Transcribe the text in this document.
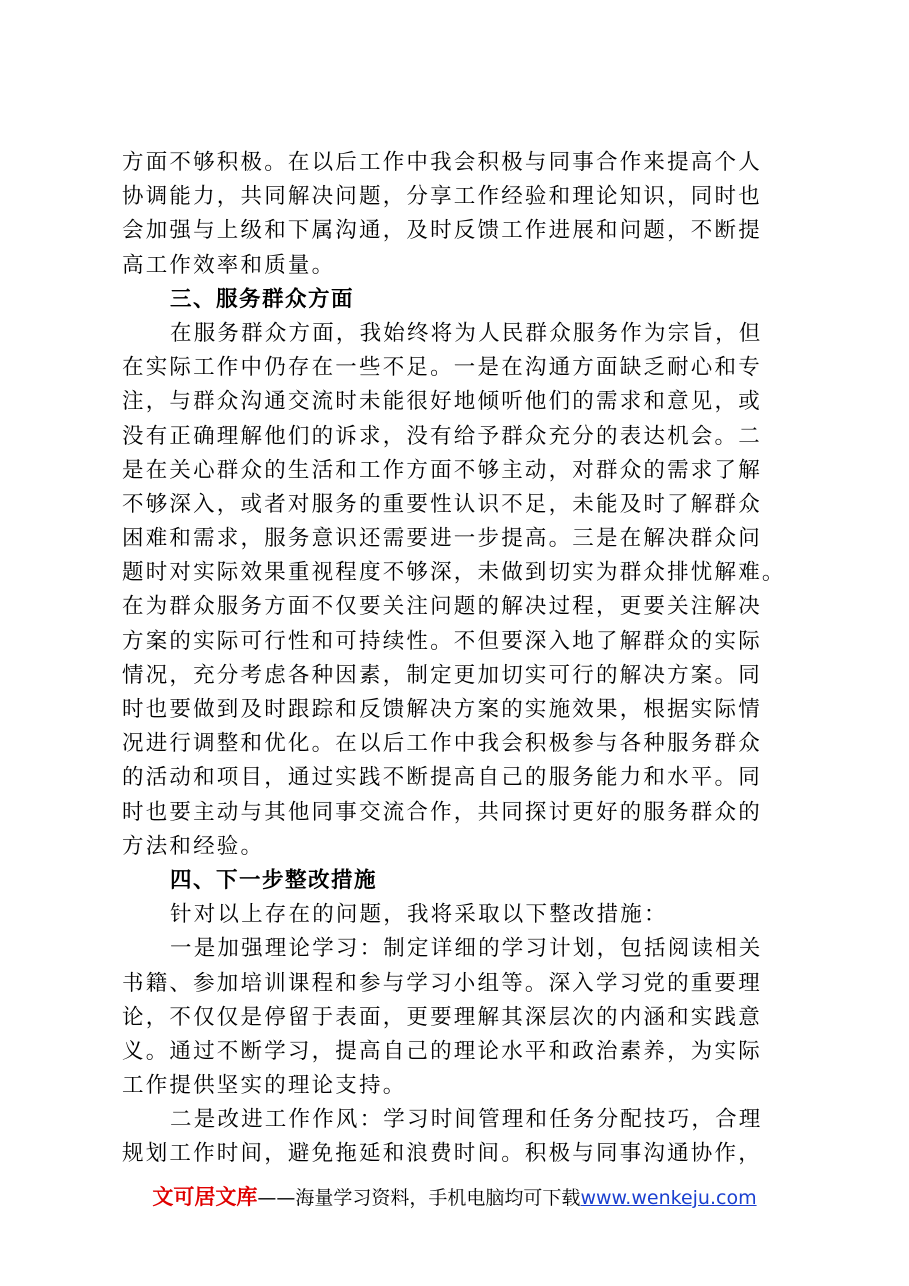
方面不够积极。在以后工作中我会积极与同事合作来提高个人
协调能力，共同解决问题，分享工作经验和理论知识，同时也
会加强与上级和下属沟通，及时反馈工作进展和问题，不断提
高工作效率和质量。
三、服务群众方面
在服务群众方面，我始终将为人民群众服务作为宗旨，但
在实际工作中仍存在一些不足。一是在沟通方面缺乏耐心和专
注，与群众沟通交流时未能很好地倾听他们的需求和意见，或
没有正确理解他们的诉求，没有给予群众充分的表达机会。二
是在关心群众的生活和工作方面不够主动，对群众的需求了解
不够深入，或者对服务的重要性认识不足，未能及时了解群众
困难和需求，服务意识还需要进一步提高。三是在解决群众问
题时对实际效果重视程度不够深，未做到切实为群众排忧解难。
在为群众服务方面不仅要关注问题的解决过程，更要关注解决
方案的实际可行性和可持续性。不但要深入地了解群众的实际
情况，充分考虑各种因素，制定更加切实可行的解决方案。同
时也要做到及时跟踪和反馈解决方案的实施效果，根据实际情
况进行调整和优化。在以后工作中我会积极参与各种服务群众
的活动和项目，通过实践不断提高自己的服务能力和水平。同
时也要主动与其他同事交流合作，共同探讨更好的服务群众的
方法和经验。
四、下一步整改措施
针对以上存在的问题，我将采取以下整改措施：
一是加强理论学习：制定详细的学习计划，包括阅读相关
书籍、参加培训课程和参与学习小组等。深入学习党的重要理
论，不仅仅是停留于表面，更要理解其深层次的内涵和实践意
义。通过不断学习，提高自己的理论水平和政治素养，为实际
工作提供坚实的理论支持。
二是改进工作作风：学习时间管理和任务分配技巧，合理
规划工作时间，避免拖延和浪费时间。积极与同事沟通协作，
文可居文库——海量学习资料，手机电脑均可下载www.wenkeju.com
